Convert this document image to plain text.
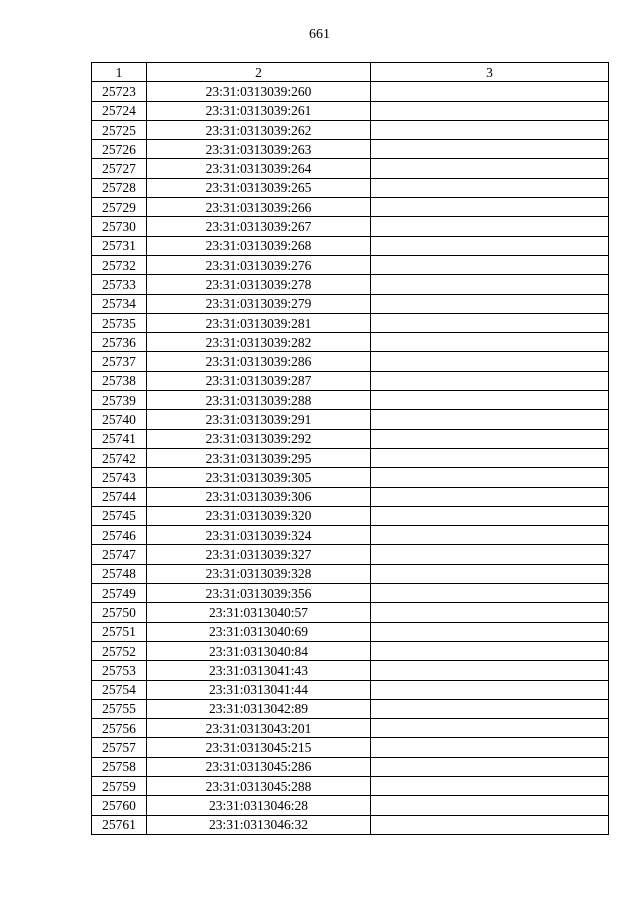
661
1	2	3
25723	23:31:0313039:260	
25724	23:31:0313039:261	
25725	23:31:0313039:262	
25726	23:31:0313039:263	
25727	23:31:0313039:264	
25728	23:31:0313039:265	
25729	23:31:0313039:266	
25730	23:31:0313039:267	
25731	23:31:0313039:268	
25732	23:31:0313039:276	
25733	23:31:0313039:278	
25734	23:31:0313039:279	
25735	23:31:0313039:281	
25736	23:31:0313039:282	
25737	23:31:0313039:286	
25738	23:31:0313039:287	
25739	23:31:0313039:288	
25740	23:31:0313039:291	
25741	23:31:0313039:292	
25742	23:31:0313039:295	
25743	23:31:0313039:305	
25744	23:31:0313039:306	
25745	23:31:0313039:320	
25746	23:31:0313039:324	
25747	23:31:0313039:327	
25748	23:31:0313039:328	
25749	23:31:0313039:356	
25750	23:31:0313040:57	
25751	23:31:0313040:69	
25752	23:31:0313040:84	
25753	23:31:0313041:43	
25754	23:31:0313041:44	
25755	23:31:0313042:89	
25756	23:31:0313043:201	
25757	23:31:0313045:215	
25758	23:31:0313045:286	
25759	23:31:0313045:288	
25760	23:31:0313046:28	
25761	23:31:0313046:32	
